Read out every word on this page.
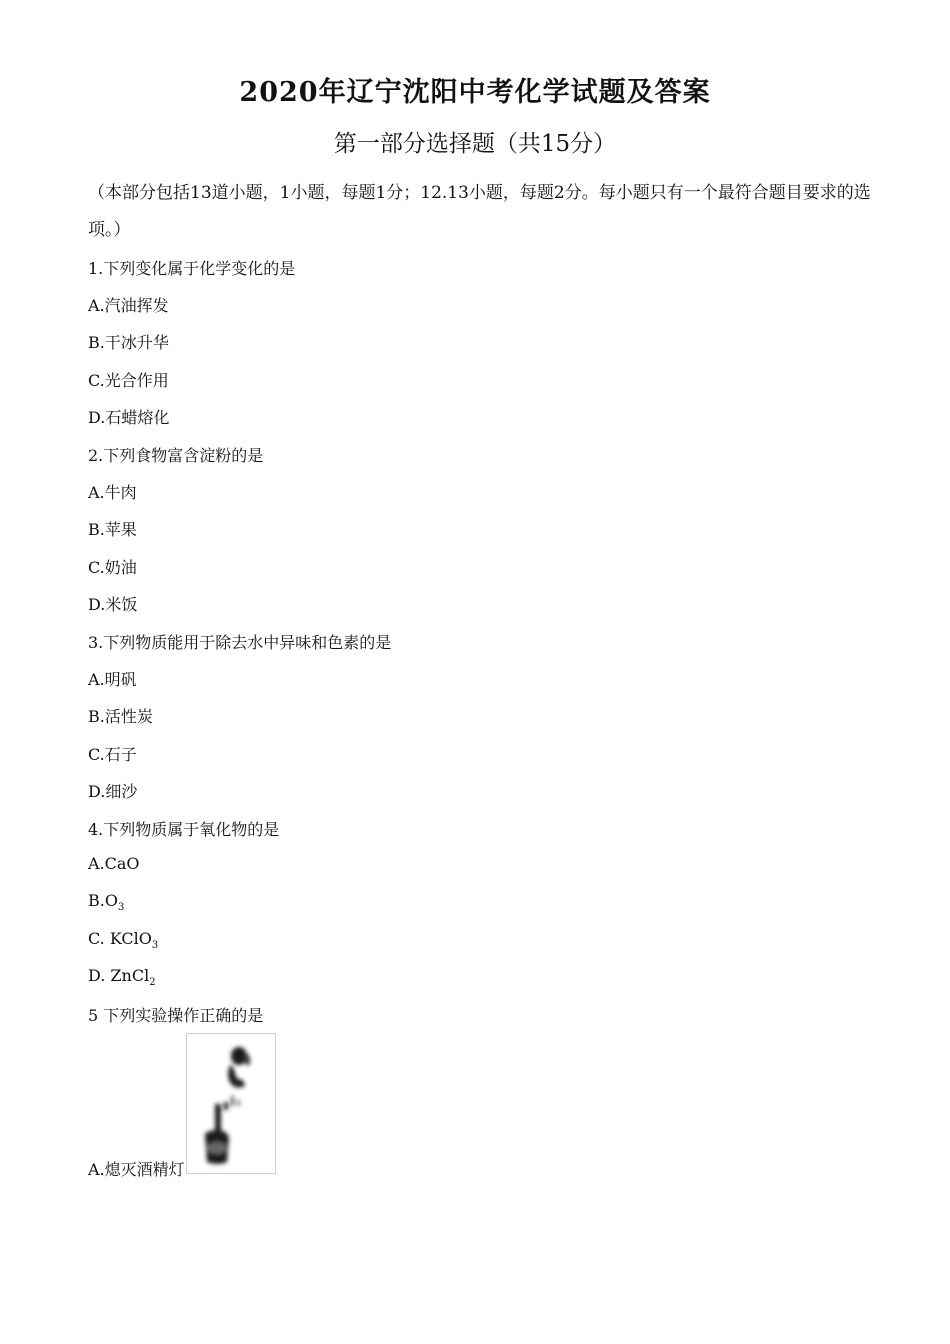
2020年辽宁沈阳中考化学试题及答案
第一部分选择题（共15分）
（本部分包括13道小题，1小题，每题1分；12.13小题，每题2分。每小题只有一个最符合题目要求的选项。）
1.下列变化属于化学变化的是
A.汽油挥发
B.干冰升华
C.光合作用
D.石蜡熔化
2.下列食物富含淀粉的是
A.牛肉
B.苹果
C.奶油
D.米饭
3.下列物质能用于除去水中异味和色素的是
A.明矾
B.活性炭
C.石子
D.细沙
4.下列物质属于氧化物的是
A.CaO
$B.O_3$
C. KClO$_3$
D. ZnCl$_2$
5 下列实验操作正确的是
A.熄灭酒精灯
